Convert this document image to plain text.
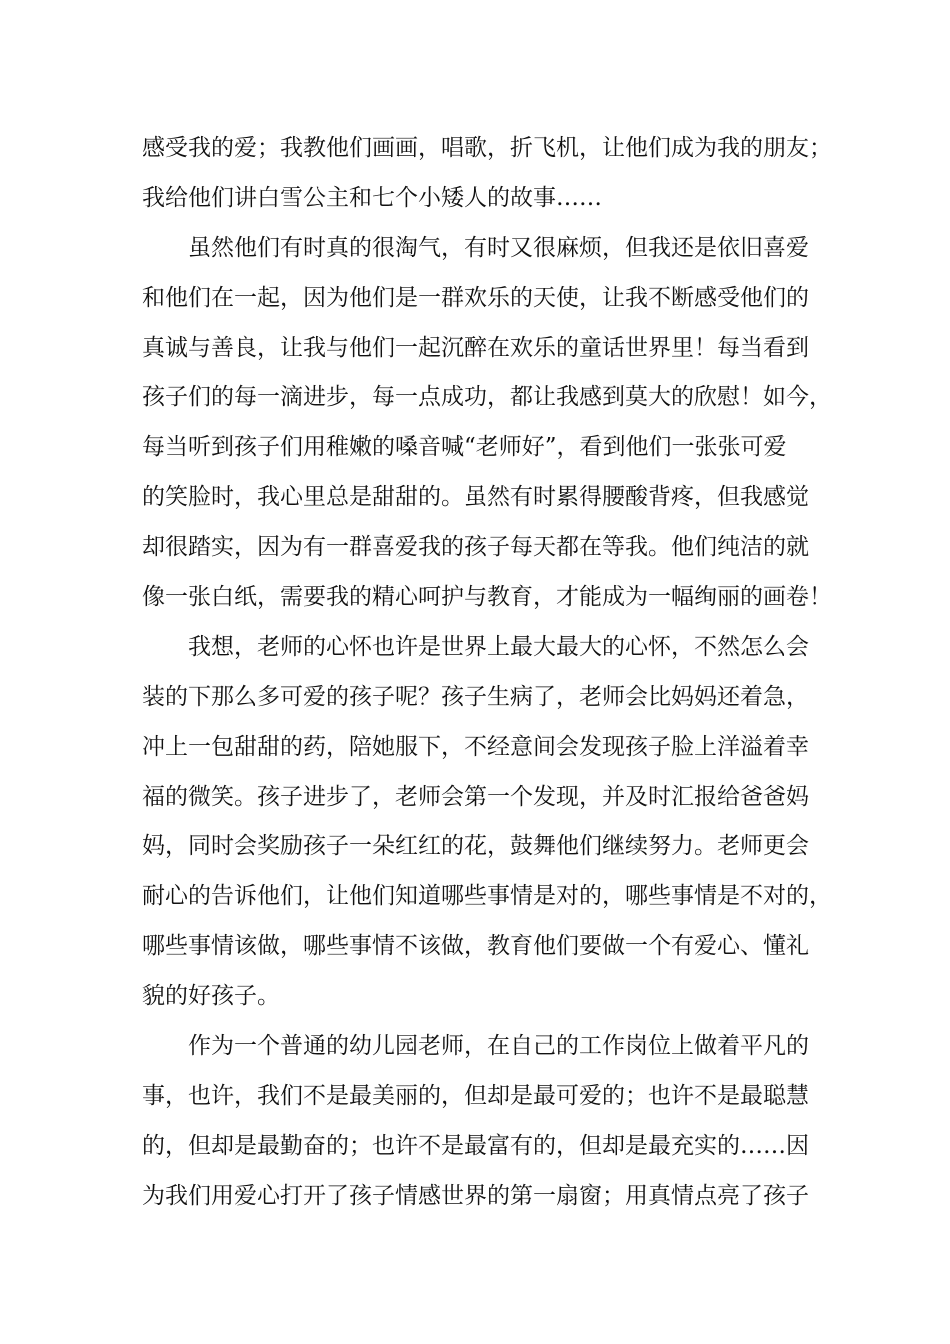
感受我的爱；我教他们画画，唱歌，折飞机，让他们成为我的朋友；
我给他们讲白雪公主和七个小矮人的故事……
虽然他们有时真的很淘气，有时又很麻烦，但我还是依旧喜爱
和他们在一起，因为他们是一群欢乐的天使，让我不断感受他们的
真诚与善良，让我与他们一起沉醉在欢乐的童话世界里！每当看到
孩子们的每一滴进步，每一点成功，都让我感到莫大的欣慰！如今，
每当听到孩子们用稚嫩的嗓音喊“老师好”，看到他们一张张可爱
的笑脸时，我心里总是甜甜的。虽然有时累得腰酸背疼，但我感觉
却很踏实，因为有一群喜爱我的孩子每天都在等我。他们纯洁的就
像一张白纸，需要我的精心呵护与教育，才能成为一幅绚丽的画卷！
我想，老师的心怀也许是世界上最大最大的心怀，不然怎么会
装的下那么多可爱的孩子呢？孩子生病了，老师会比妈妈还着急，
冲上一包甜甜的药，陪她服下，不经意间会发现孩子脸上洋溢着幸
福的微笑。孩子进步了，老师会第一个发现，并及时汇报给爸爸妈
妈，同时会奖励孩子一朵红红的花，鼓舞他们继续努力。老师更会
耐心的告诉他们，让他们知道哪些事情是对的，哪些事情是不对的，
哪些事情该做，哪些事情不该做，教育他们要做一个有爱心、懂礼
貌的好孩子。
作为一个普通的幼儿园老师，在自己的工作岗位上做着平凡的
事，也许，我们不是最美丽的，但却是最可爱的；也许不是最聪慧
的，但却是最勤奋的；也许不是最富有的，但却是最充实的……因
为我们用爱心打开了孩子情感世界的第一扇窗；用真情点亮了孩子
